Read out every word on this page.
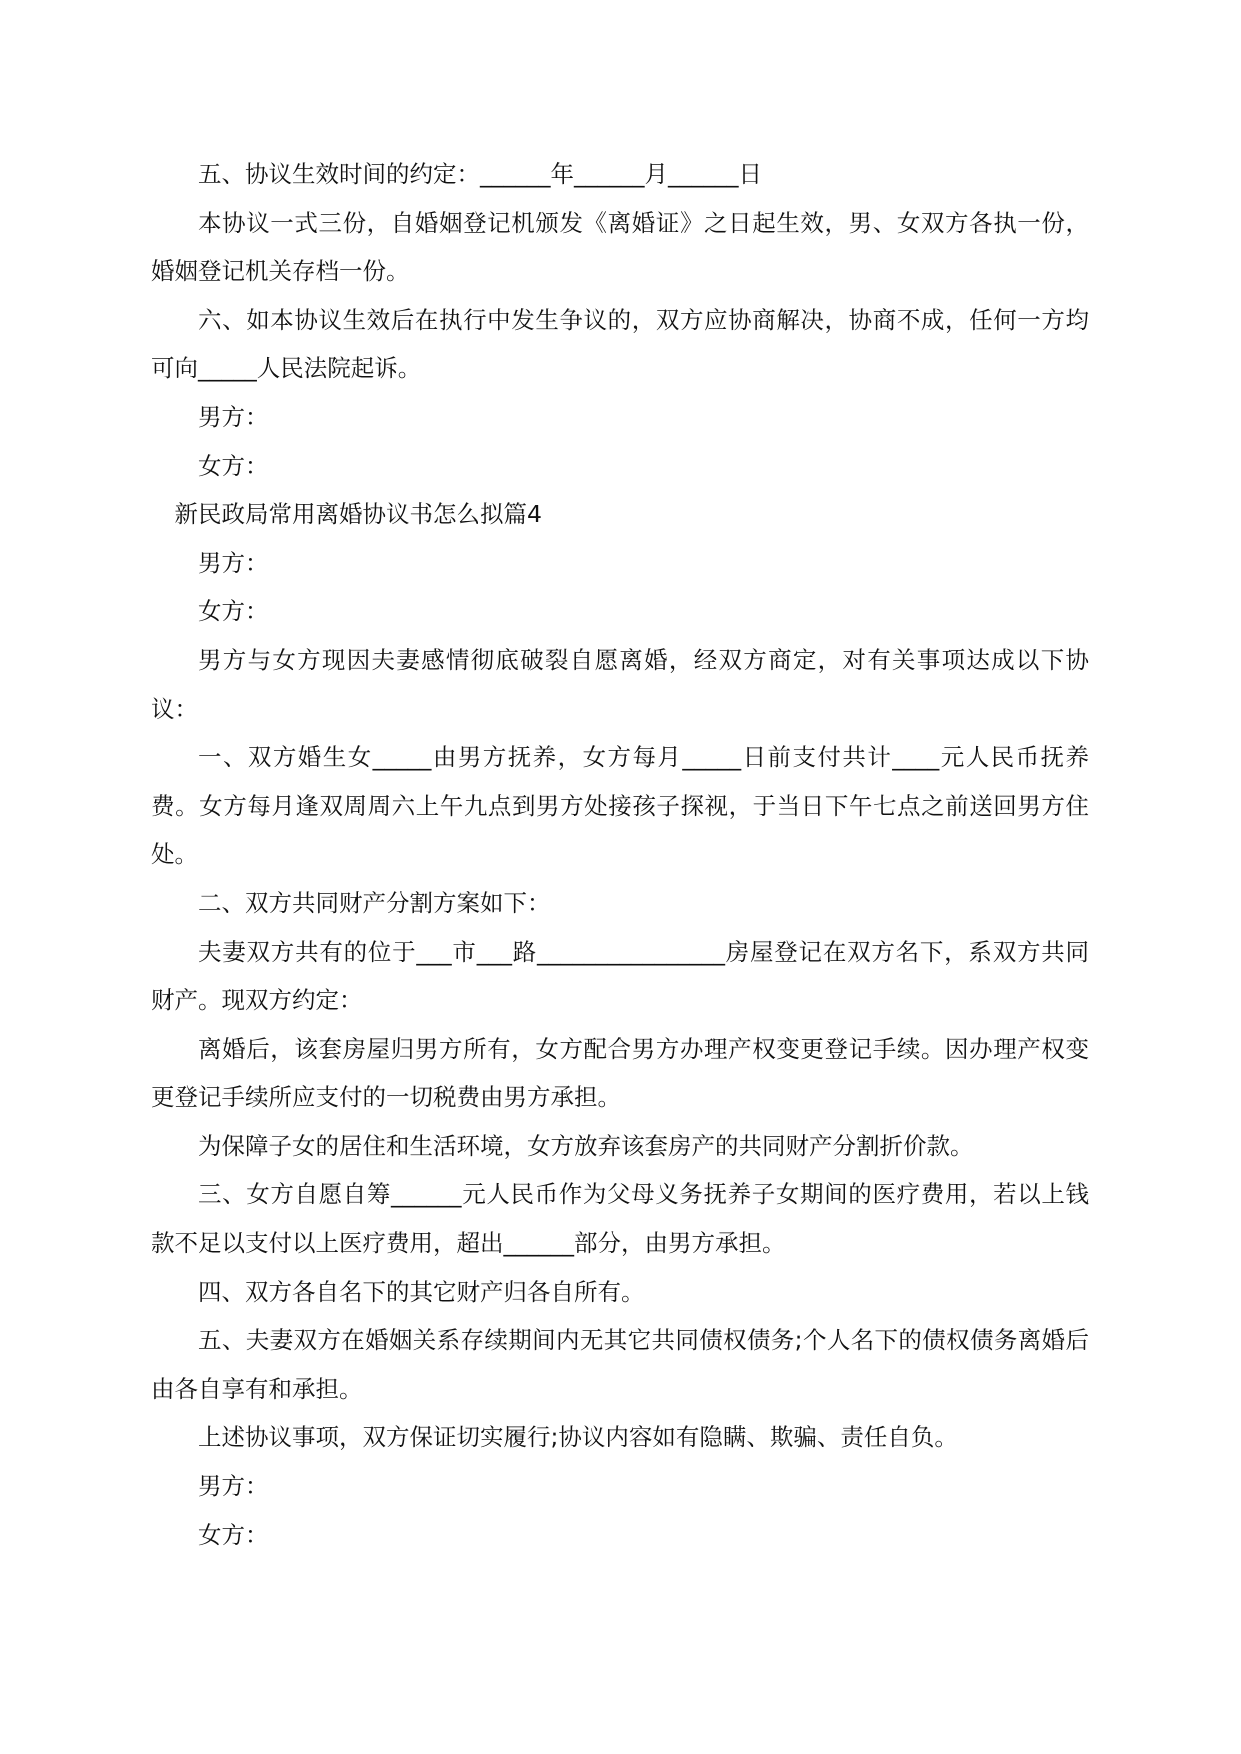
五、协议生效时间的约定：______年______月______日

本协议一式三份，自婚姻登记机颁发《离婚证》之日起生效，男、女双方各执一份，婚姻登记机关存档一份。

六、如本协议生效后在执行中发生争议的，双方应协商解决，协商不成，任何一方均可向_____人民法院起诉。

男方：

女方：

新民政局常用离婚协议书怎么拟篇4

男方：

女方：

男方与女方现因夫妻感情彻底破裂自愿离婚，经双方商定，对有关事项达成以下协议：

一、双方婚生女_____由男方抚养，女方每月_____日前支付共计____元人民币抚养费。女方每月逢双周周六上午九点到男方处接孩子探视，于当日下午七点之前送回男方住处。

二、双方共同财产分割方案如下：

夫妻双方共有的位于___市___路________________房屋登记在双方名下，系双方共同财产。现双方约定：

离婚后，该套房屋归男方所有，女方配合男方办理产权变更登记手续。因办理产权变更登记手续所应支付的一切税费由男方承担。

为保障子女的居住和生活环境，女方放弃该套房产的共同财产分割折价款。

三、女方自愿自筹______元人民币作为父母义务抚养子女期间的医疗费用，若以上钱款不足以支付以上医疗费用，超出______部分，由男方承担。

四、双方各自名下的其它财产归各自所有。

五、夫妻双方在婚姻关系存续期间内无其它共同债权债务;个人名下的债权债务离婚后由各自享有和承担。

上述协议事项，双方保证切实履行;协议内容如有隐瞒、欺骗、责任自负。

男方：

女方：
